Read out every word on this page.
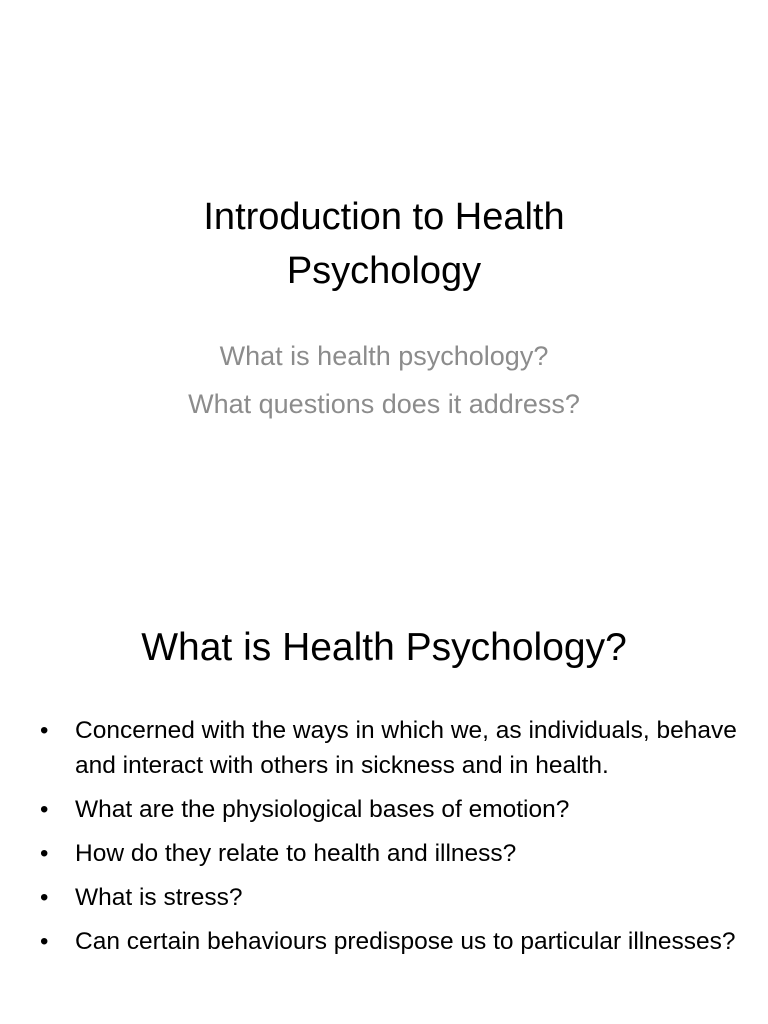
Introduction to Health
Psychology
What is health psychology?
What questions does it address?
What is Health Psychology?
• Concerned with the ways in which we, as individuals, behave and interact with others in sickness and in health.
• What are the physiological bases of emotion?
• How do they relate to health and illness?
• What is stress?
• Can certain behaviours predispose us to particular illnesses?
